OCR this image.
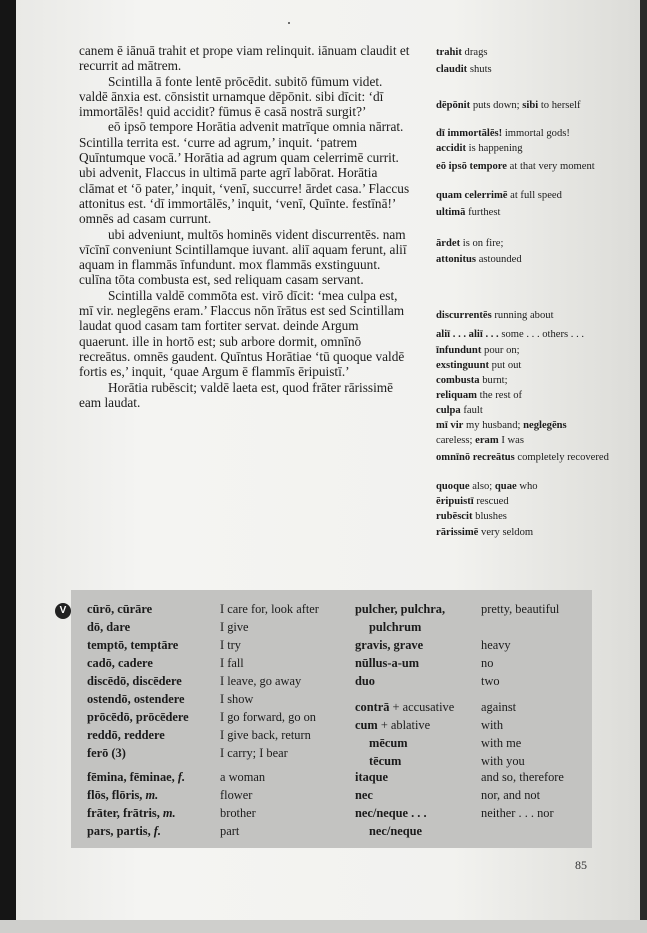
canem ē iānuā trahit et prope viam relinquit. iānuam claudit et recurrit ad mātrem.

Scintilla ā fonte lentē prōcēdit. subitō fūmum videt. valdē ānxia est. cōnsistit urnamque dēpōnit. sibi dīcit: ‘dī immortālēs! quid accidit? fūmus ē casā nostrā surgit?’

eō ipsō tempore Horātia advenit matrīque omnia nārrat. Scintilla territa est. ‘curre ad agrum,’ inquit. ‘patrem Quīntumque vocā.’ Horātia ad agrum quam celerrimē currit. ubi advenit, Flaccus in ultimā parte agrī labōrat. Horātia clāmat et ‘ō pater,’ inquit, ‘venī, succurre! ārdet casa.’ Flaccus attonitus est. ‘dī immortālēs,’ inquit, ‘venī, Quīnte. festīnā!’ omnēs ad casam currunt.

ubi adveniunt, multōs hominēs vident discurrentēs. nam vīcīnī conveniunt Scintillamque iuvant. aliī aquam ferunt, aliī aquam in flammās īnfundunt. mox flammās exstinguunt. culīna tōta combusta est, sed reliquam casam servant.

Scintilla valdē commōta est. virō dīcit: ‘mea culpa est, mī vir. neglegēns eram.’ Flaccus nōn īrātus est sed Scintillam laudat quod casam tam fortiter servat. deinde Argum quaerunt. ille in hortō est; sub arbore dormit, omnīnō recreātus. omnēs gaudent. Quīntus Horātiae ‘tū quoque valdē fortis es,’ inquit, ‘quae Argum ē flammīs ēripuistī.’

Horātia rubēscit; valdē laeta est, quod frāter rārissimē eam laudat.

trahit drags
claudit shuts
dēpōnit puts down; sibi to herself
dī immortālēs! immortal gods!
accidit is happening
eō ipsō tempore at that very moment
quam celerrimē at full speed
ultimā furthest
ārdet is on fire;
attonitus astounded
discurrentēs running about
aliī . . . aliī . . . some . . . others . . .
īnfundunt pour on;
exstinguunt put out
combusta burnt;
reliquam the rest of
culpa fault
mī vir my husband; neglegēns
careless; eram I was
omnīnō recreātus completely recovered
quoque also; quae who
ēripuistī rescued
rubēscit blushes
rārissimē very seldom
V	cūrō, cūrāre
dō, dare
temptō, temptāre
cadō, cadere
discēdō, discēdere
ostendō, ostendere
prōcēdō, prōcēdere
reddō, reddere
ferō (3)
I care for, look after
I give
I try
I fall
I leave, go away
I show
I go forward, go on
I give back, return
I carry; I bear
fēmina, fēminae, f.
flōs, flōris, m.
frāter, frātris, m.
pars, partis, f.
a woman
flower
brother
part
pulcher, pulchra,
pulchrum
gravis, grave
nūllus-a-um
duo
pretty, beautiful

heavy
no
two
contrā + accusative
cum + ablative
mēcum
tēcum
against
with
with me
with you
itaque
nec
nec/neque . . .
nec/neque
and so, therefore
nor, and not
neither . . . nor
85
